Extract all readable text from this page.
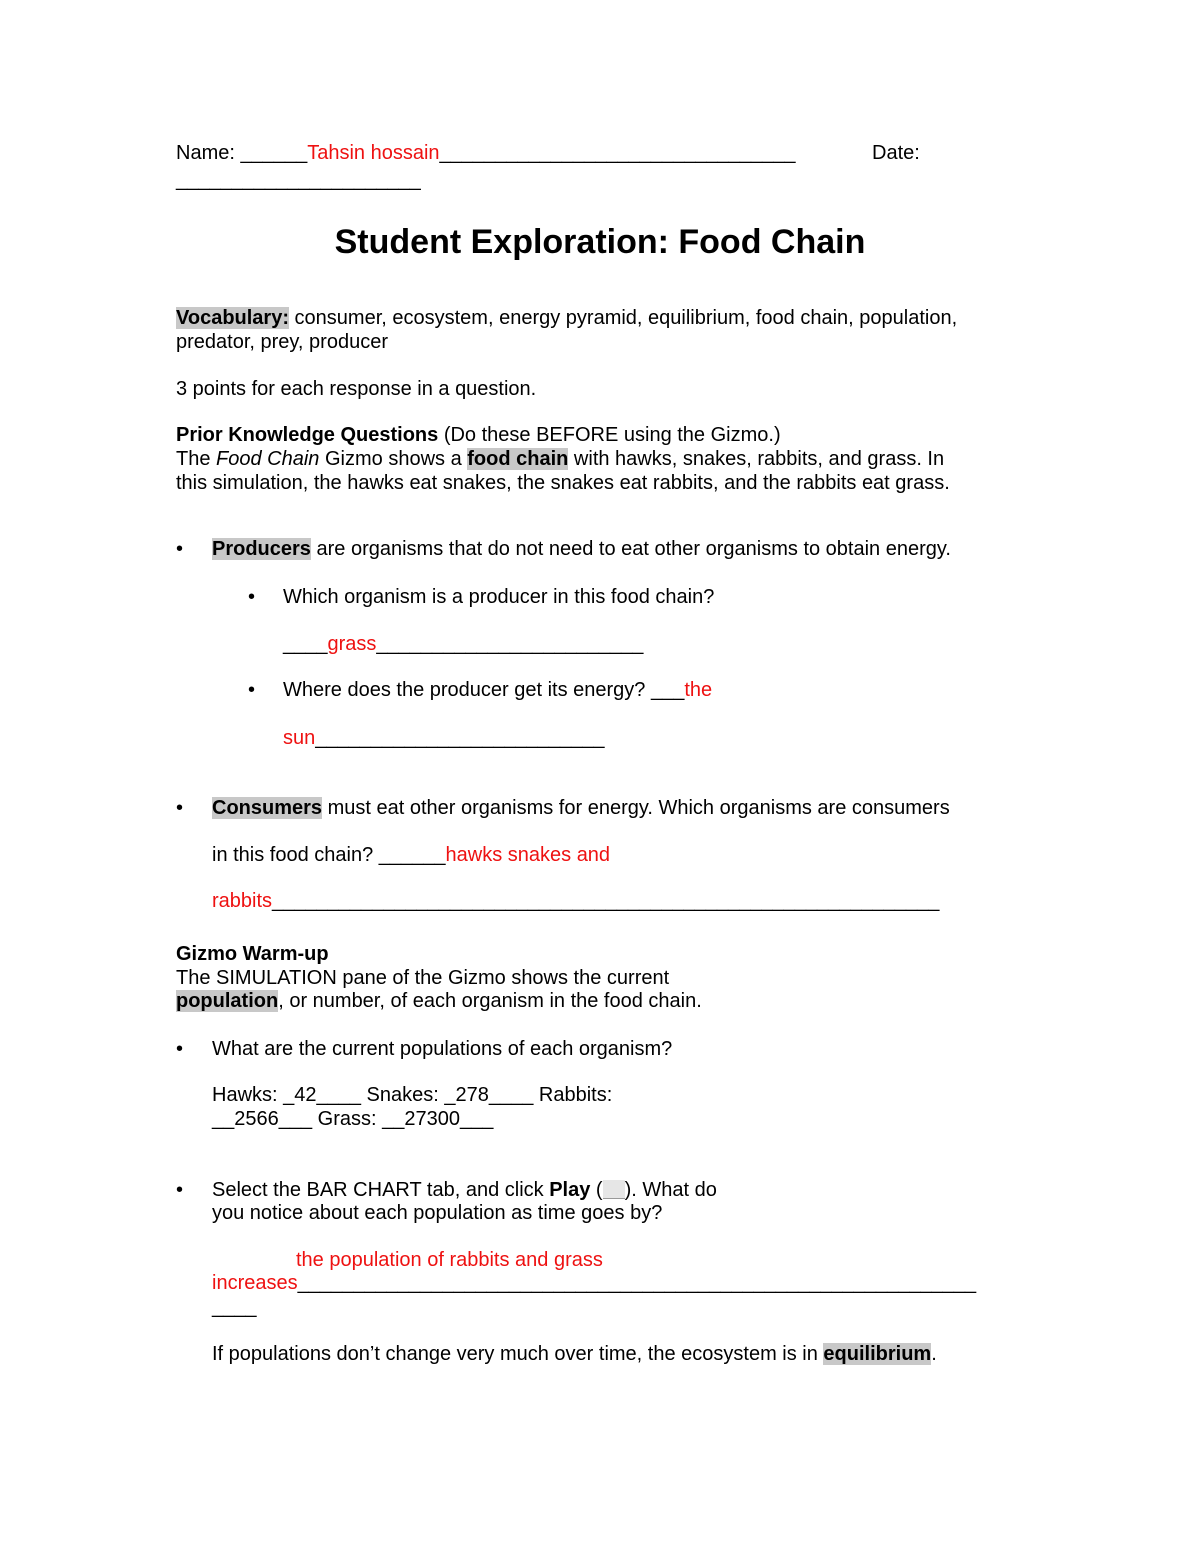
Name: ______Tahsin hossain________________________________	Date:
______________________
Student Exploration: Food Chain
Vocabulary: consumer, ecosystem, energy pyramid, equilibrium, food chain, population,
predator, prey, producer
3 points for each response in a question.
Prior Knowledge Questions (Do these BEFORE using the Gizmo.)
The Food Chain Gizmo shows a food chain with hawks, snakes, rabbits, and grass. In
this simulation, the hawks eat snakes, the snakes eat rabbits, and the rabbits eat grass.
• Producers are organisms that do not need to eat other organisms to obtain energy.
• Which organism is a producer in this food chain?
____grass________________________
• Where does the producer get its energy? ___the
sun__________________________
• Consumers must eat other organisms for energy. Which organisms are consumers
in this food chain? ______hawks snakes and
rabbits____________________________________________________________
Gizmo Warm-up
The SIMULATION pane of the Gizmo shows the current
population, or number, of each organism in the food chain.
• What are the current populations of each organism?
Hawks: _42____ Snakes: _278____ Rabbits:
__2566___ Grass: __27300___
• Select the BAR CHART tab, and click Play ( ). What do
you notice about each population as time goes by?
the population of rabbits and grass
increases_____________________________________________________________
____
If populations don’t change very much over time, the ecosystem is in equilibrium.
